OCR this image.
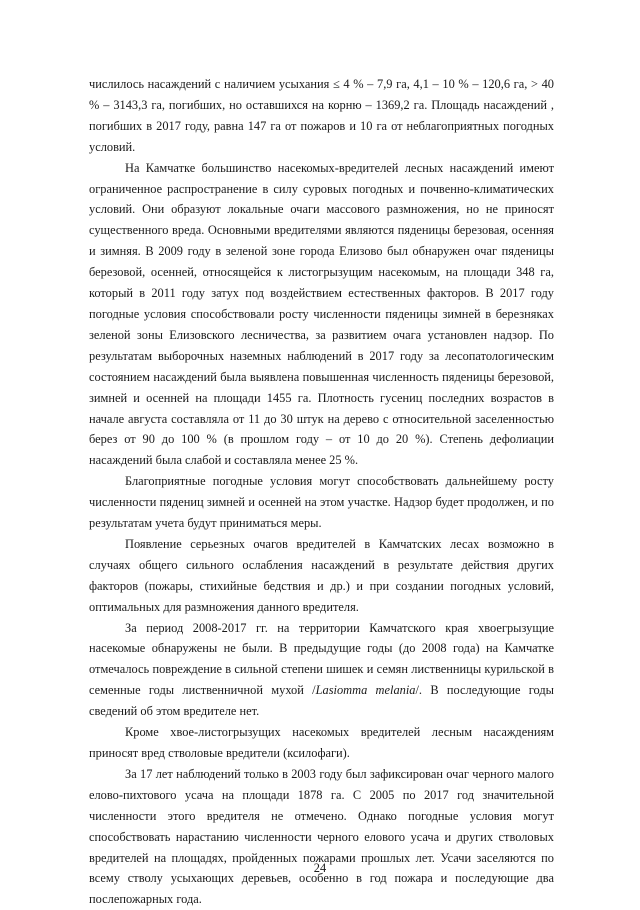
числилось насаждений с наличием усыхания ≤ 4 % – 7,9 га, 4,1 – 10 % – 120,6 га, > 40 % – 3143,3 га, погибших, но оставшихся на корню – 1369,2 га. Площадь насаждений , погибших в 2017 году, равна 147 га от пожаров и 10 га от неблагоприятных погодных условий.

На Камчатке большинство насекомых-вредителей лесных насаждений имеют ограниченное распространение в силу суровых погодных и почвенно-климатических условий. Они образуют локальные очаги массового размножения, но не приносят существенного вреда. Основными вредителями являются пяденицы березовая, осенняя и зимняя. В 2009 году в зеленой зоне города Елизово был обнаружен очаг пяденицы березовой, осенней, относящейся к листогрызущим насекомым, на площади 348 га, который в 2011 году затух под воздействием естественных факторов. В 2017 году погодные условия способствовали росту численности пяденицы зимней в березняках зеленой зоны Елизовского лесничества, за развитием очага установлен надзор. По результатам выборочных наземных наблюдений в 2017 году за лесопатологическим состоянием насаждений была выявлена повышенная численность пяденицы березовой, зимней и осенней на площади 1455 га. Плотность гусениц последних возрастов в начале августа составляла от 11 до 30 штук на дерево с относительной заселенностью берез от 90 до 100 % (в прошлом году – от 10 до 20 %). Степень дефолиации насаждений была слабой и составляла менее 25 %.

Благоприятные погодные условия могут способствовать дальнейшему росту численности пядениц зимней и осенней на этом участке. Надзор будет продолжен, и по результатам учета будут приниматься меры.

Появление серьезных очагов вредителей в Камчатских лесах возможно в случаях общего сильного ослабления насаждений в результате действия других факторов (пожары, стихийные бедствия и др.) и при создании погодных условий, оптимальных для размножения данного вредителя.

За период 2008-2017 гг. на территории Камчатского края хвоегрызущие насекомые обнаружены не были. В предыдущие годы (до 2008 года) на Камчатке отмечалось повреждение в сильной степени шишек и семян лиственницы курильской в семенные годы лиственничной мухой /Lasiomma melania/. В последующие годы сведений об этом вредителе нет.

Кроме хвое-листогрызущих насекомых вредителей лесным насаждениям приносят вред стволовые вредители (ксилофаги).

За 17 лет наблюдений только в 2003 году был зафиксирован очаг черного малого елово-пихтового усача на площади 1878 га. С 2005 по 2017 год значительной численности этого вредителя не отмечено. Однако погодные условия могут способствовать нарастанию численности черного елового усача и других стволовых вредителей на площадях, пройденных пожарами прошлых лет. Усачи заселяются по всему стволу усыхающих деревьев, особенно в год пожара и последующие два послепожарных года.

24
